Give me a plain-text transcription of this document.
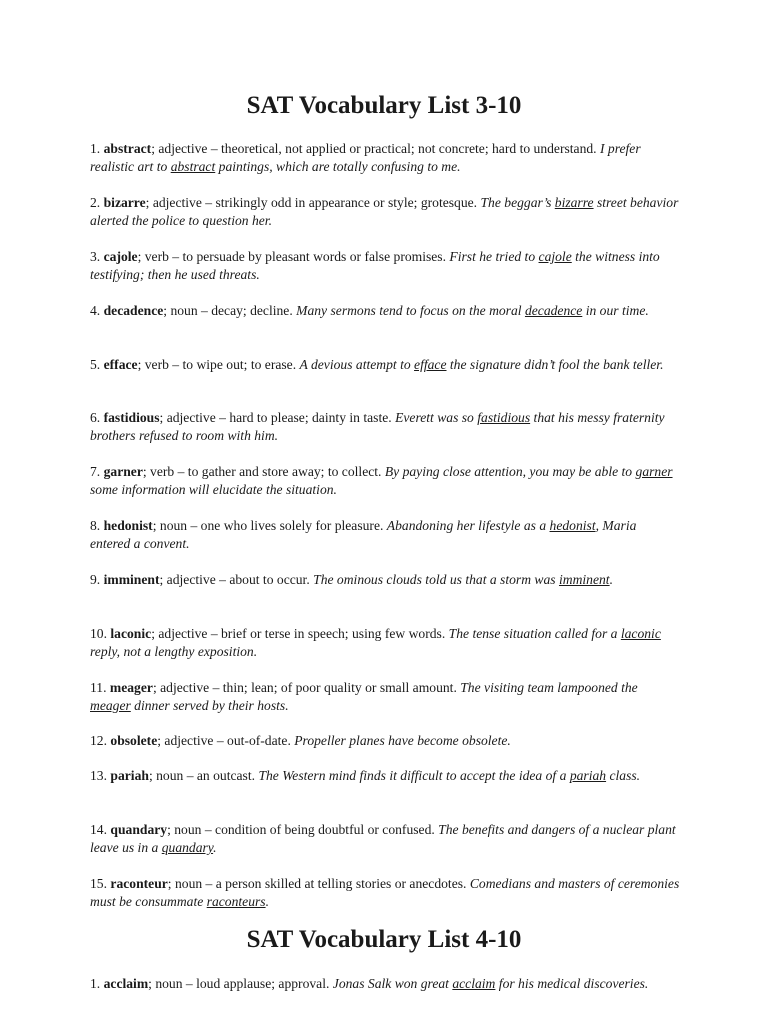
SAT Vocabulary List 3-10

1. abstract; adjective – theoretical, not applied or practical; not concrete; hard to understand. I prefer realistic art to abstract paintings, which are totally confusing to me.

2. bizarre; adjective – strikingly odd in appearance or style; grotesque. The beggar’s bizarre street behavior alerted the police to question her.

3. cajole; verb – to persuade by pleasant words or false promises. First he tried to cajole the witness into testifying; then he used threats.

4. decadence; noun – decay; decline. Many sermons tend to focus on the moral decadence in our time.

5. efface; verb – to wipe out; to erase. A devious attempt to efface the signature didn’t fool the bank teller.

6. fastidious; adjective – hard to please; dainty in taste. Everett was so fastidious that his messy fraternity brothers refused to room with him.

7. garner; verb – to gather and store away; to collect. By paying close attention, you may be able to garner some information will elucidate the situation.

8. hedonist; noun – one who lives solely for pleasure. Abandoning her lifestyle as a hedonist, Maria entered a convent.

9. imminent; adjective – about to occur. The ominous clouds told us that a storm was imminent.

10. laconic; adjective – brief or terse in speech; using few words. The tense situation called for a laconic reply, not a lengthy exposition.

11. meager; adjective – thin; lean; of poor quality or small amount. The visiting team lampooned the meager dinner served by their hosts.

12. obsolete; adjective – out-of-date. Propeller planes have become obsolete.

13. pariah; noun – an outcast. The Western mind finds it difficult to accept the idea of a pariah class.

14. quandary; noun – condition of being doubtful or confused. The benefits and dangers of a nuclear plant leave us in a quandary.

15. raconteur; noun – a person skilled at telling stories or anecdotes. Comedians and masters of ceremonies must be consummate raconteurs.

SAT Vocabulary List 4-10

1. acclaim; noun – loud applause; approval. Jonas Salk won great acclaim for his medical discoveries.
